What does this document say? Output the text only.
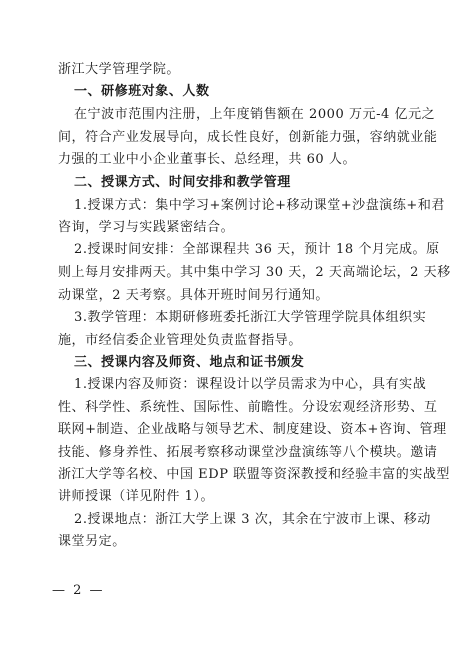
浙江大学管理学院。
一、研修班对象、人数
在宁波市范围内注册，上年度销售额在 2000 万元-4 亿元之
间，符合产业发展导向，成长性良好，创新能力强，容纳就业能
力强的工业中小企业董事长、总经理，共 60 人。
二、授课方式、时间安排和教学管理
1.授课方式：集中学习+案例讨论+移动课堂+沙盘演练+和君
咨询，学习与实践紧密结合。
2.授课时间安排：全部课程共 36 天，预计 18 个月完成。原
则上每月安排两天。其中集中学习 30 天，2 天高端论坛，2 天移
动课堂，2 天考察。具体开班时间另行通知。
3.教学管理：本期研修班委托浙江大学管理学院具体组织实
施，市经信委企业管理处负责监督指导。
三、授课内容及师资、地点和证书颁发
1.授课内容及师资：课程设计以学员需求为中心，具有实战
性、科学性、系统性、国际性、前瞻性。分设宏观经济形势、互
联网+制造、企业战略与领导艺术、制度建设、资本+咨询、管理
技能、修身养性、拓展考察移动课堂沙盘演练等八个模块。邀请
浙江大学等名校、中国 EDP 联盟等资深教授和经验丰富的实战型
讲师授课（详见附件 1）。
2.授课地点：浙江大学上课 3 次，其余在宁波市上课、移动
课堂另定。
— 2 —
